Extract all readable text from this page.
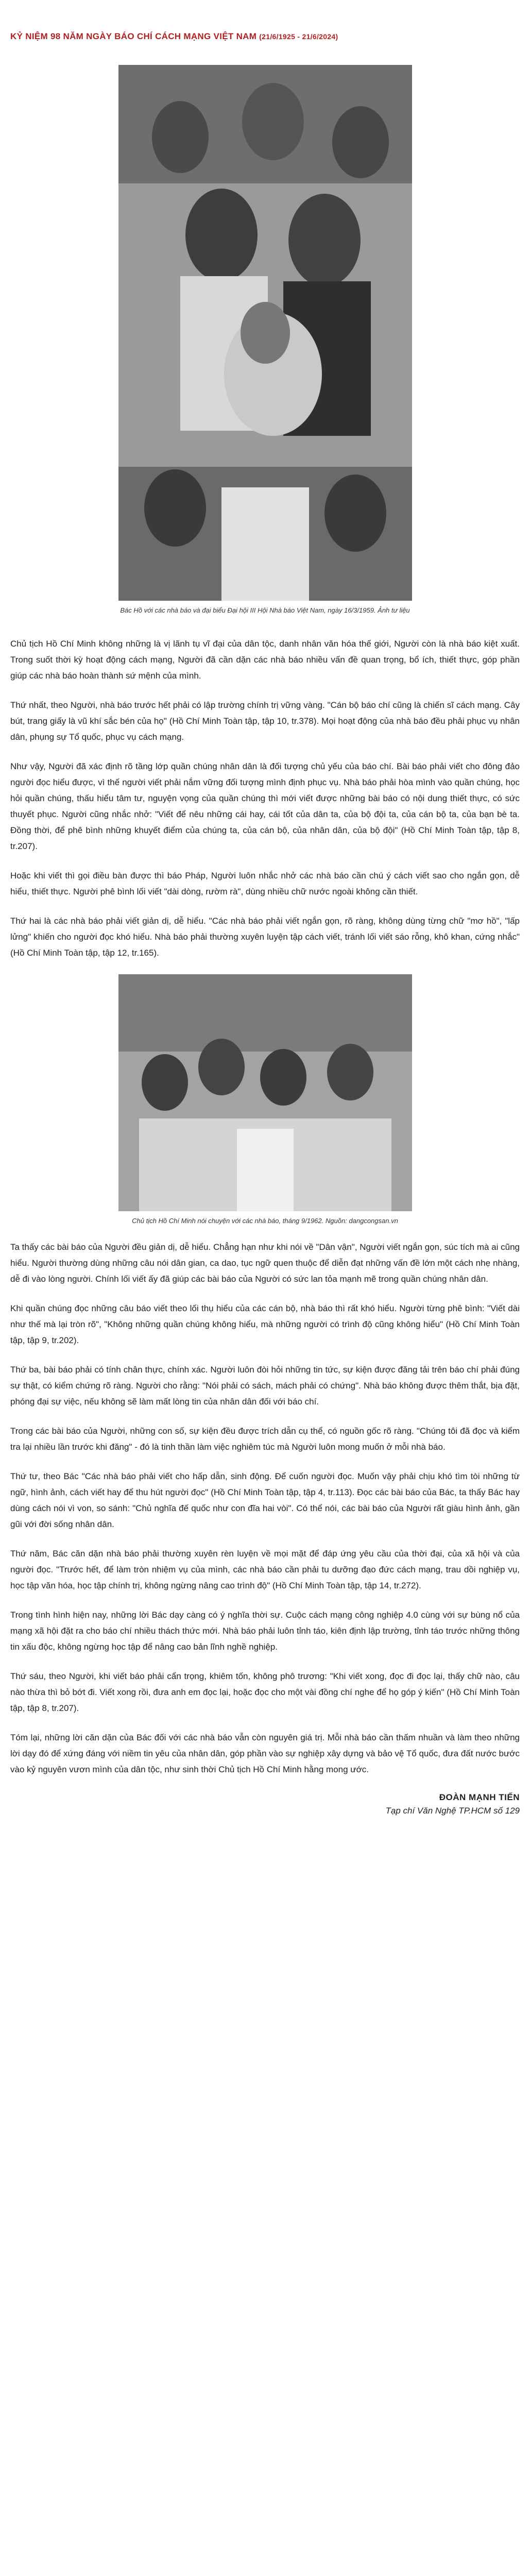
KỶ NIỆM 98 NĂM NGÀY BÁO CHÍ CÁCH MẠNG VIỆT NAM (21/6/1925 - 21/6/2024)

Bác Hồ với các nhà báo và đại biểu Đại hội III Hội Nhà báo Việt Nam, ngày 16/3/1959. Ảnh tư liệu

Chủ tịch Hồ Chí Minh không những là vị lãnh tụ vĩ đại của dân tộc, danh nhân văn hóa thế giới, Người còn là nhà báo kiệt xuất. Trong suốt thời kỳ hoạt động cách mạng, Người đã cần dặn các nhà báo nhiều vấn đề quan trọng, bổ ích, thiết thực, góp phần giúp các nhà báo hoàn thành sứ mệnh của mình.

Thứ nhất, theo Người, nhà báo trước hết phải có lập trường chính trị vững vàng. "Cán bộ báo chí cũng là chiến sĩ cách mạng. Cây bút, trang giấy là vũ khí sắc bén của họ" (Hồ Chí Minh Toàn tập, tập 10, tr.378). Mọi hoạt động của nhà báo đều phải phục vụ nhân dân, phụng sự Tổ quốc, phục vụ cách mạng.

Như vậy, Người đã xác định rõ tầng lớp quần chúng nhân dân là đối tượng chủ yếu của báo chí. Bài báo phải viết cho đông đảo người đọc hiểu được, vì thế người viết phải nắm vững đối tượng mình định phục vụ. Nhà báo phải hòa mình vào quần chúng, học hỏi quần chúng, thấu hiểu tâm tư, nguyện vọng của quần chúng thì mới viết được những bài báo có nội dung thiết thực, có sức thuyết phục. Người cũng nhắc nhở: "Viết để nêu những cái hay, cái tốt của dân ta, của bộ đội ta, của cán bộ ta, của bạn bè ta. Đồng thời, để phê bình những khuyết điểm của chúng ta, của cán bộ, của nhân dân, của bộ đội" (Hồ Chí Minh Toàn tập, tập 8, tr.207).

Hoặc khi viết thì gọi điều bàn được thì báo Pháp, Người luôn nhắc nhở các nhà báo cần chú ý cách viết sao cho ngắn gọn, dễ hiểu, thiết thực. Người phê bình lối viết "dài dòng, rườm rà", dùng nhiều chữ nước ngoài không cần thiết.

Thứ hai là các nhà báo phải viết giản dị, dễ hiểu. "Các nhà báo phải viết ngắn gọn, rõ ràng, không dùng từng chữ "mơ hồ", "lấp lửng" khiến cho người đọc khó hiểu. Nhà báo phải thường xuyên luyện tập cách viết, tránh lối viết sáo rỗng, khô khan, cứng nhắc" (Hồ Chí Minh Toàn tập, tập 12, tr.165).

Chủ tịch Hồ Chí Minh nói chuyện với các nhà báo, tháng 9/1962. Nguồn: dangcongsan.vn

Ta thấy các bài báo của Người đều giản dị, dễ hiểu. Chẳng hạn như khi nói về "Dân vận", Người viết ngắn gọn, súc tích mà ai cũng hiểu. Người thường dùng những câu nói dân gian, ca dao, tục ngữ quen thuộc để diễn đạt những vấn đề lớn một cách nhẹ nhàng, dễ đi vào lòng người. Chính lối viết ấy đã giúp các bài báo của Người có sức lan tỏa mạnh mẽ trong quần chúng nhân dân.

Khi quần chúng đọc những câu báo viết theo lối thụ hiểu của các cán bộ, nhà báo thì rất khó hiểu. Người từng phê bình: "Viết dài như thế mà lại tròn rõ", "Không những quần chúng không hiểu, mà những người có trình độ cũng không hiểu" (Hồ Chí Minh Toàn tập, tập 9, tr.202).

Thứ ba, bài báo phải có tính chân thực, chính xác. Người luôn đòi hỏi những tin tức, sự kiện được đăng tải trên báo chí phải đúng sự thật, có kiểm chứng rõ ràng. Người cho rằng: "Nói phải có sách, mách phải có chứng". Nhà báo không được thêm thắt, bịa đặt, phóng đại sự việc, nếu không sẽ làm mất lòng tin của nhân dân đối với báo chí.

Trong các bài báo của Người, những con số, sự kiện đều được trích dẫn cụ thể, có nguồn gốc rõ ràng. "Chúng tôi đã đọc và kiểm tra lại nhiều lần trước khi đăng" - đó là tinh thần làm việc nghiêm túc mà Người luôn mong muốn ở mỗi nhà báo.

Thứ tư, theo Bác "Các nhà báo phải viết cho hấp dẫn, sinh động. Để cuốn người đọc. Muốn vậy phải chịu khó tìm tòi những từ ngữ, hình ảnh, cách viết hay để thu hút người đọc" (Hồ Chí Minh Toàn tập, tập 4, tr.113). Đọc các bài báo của Bác, ta thấy Bác hay dùng cách nói vì von, so sánh: "Chủ nghĩa đế quốc như con đĩa hai vòi". Có thể nói, các bài báo của Người rất giàu hình ảnh, gần gũi với đời sống nhân dân.

Thứ năm, Bác căn dặn nhà báo phải thường xuyên rèn luyện về mọi mặt để đáp ứng yêu cầu của thời đại, của xã hội và của người đọc. "Trước hết, để làm tròn nhiệm vụ của mình, các nhà báo cần phải tu dưỡng đạo đức cách mạng, trau dồi nghiệp vụ, học tập văn hóa, học tập chính trị, không ngừng nâng cao trình độ" (Hồ Chí Minh Toàn tập, tập 14, tr.272).

Trong tình hình hiện nay, những lời Bác dạy càng có ý nghĩa thời sự. Cuộc cách mạng công nghiệp 4.0 cùng với sự bùng nổ của mạng xã hội đặt ra cho báo chí nhiều thách thức mới. Nhà báo phải luôn tỉnh táo, kiên định lập trường, tỉnh táo trước những thông tin xấu độc, không ngừng học tập để nâng cao bản lĩnh nghề nghiệp.

Thứ sáu, theo Người, khi viết báo phải cẩn trọng, khiêm tốn, không phô trương: "Khi viết xong, đọc đi đọc lại, thấy chữ nào, câu nào thừa thì bỏ bớt đi. Viết xong rồi, đưa anh em đọc lại, hoặc đọc cho một vài đồng chí nghe để họ góp ý kiến" (Hồ Chí Minh Toàn tập, tập 8, tr.207).

Tóm lại, những lời căn dặn của Bác đối với các nhà báo vẫn còn nguyên giá trị. Mỗi nhà báo cần thấm nhuần và làm theo những lời dạy đó để xứng đáng với niềm tin yêu của nhân dân, góp phần vào sự nghiệp xây dựng và bảo vệ Tổ quốc, đưa đất nước bước vào kỷ nguyên vươn mình của dân tộc, như sinh thời Chủ tịch Hồ Chí Minh hằng mong ước.

ĐOÀN MẠNH TIẾN
Tạp chí Văn Nghệ TP.HCM số 129
